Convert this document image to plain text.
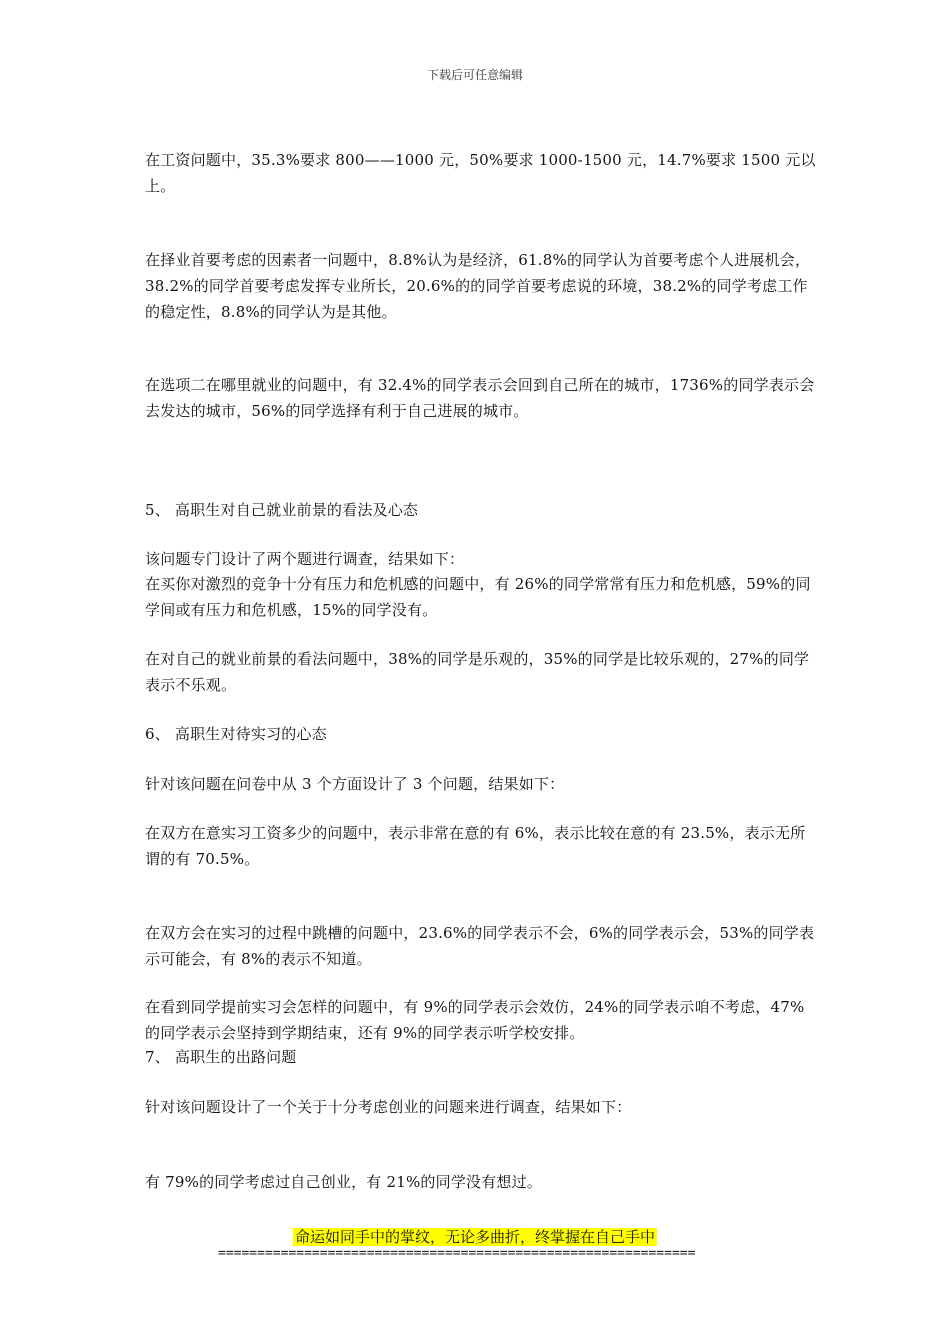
下载后可任意编辑

在工资问题中，35.3%要求 800——1000 元，50%要求 1000-1500 元，14.7%要求 1500 元以上。

在择业首要考虑的因素者一问题中，8.8%认为是经济，61.8%的同学认为首要考虑个人进展机会，38.2%的同学首要考虑发挥专业所长，20.6%的的同学首要考虑说的环境，38.2%的同学考虑工作的稳定性，8.8%的同学认为是其他。

在选项二在哪里就业的问题中，有 32.4%的同学表示会回到自己所在的城市，1736%的同学表示会去发达的城市，56%的同学选择有利于自己进展的城市。

5、 高职生对自己就业前景的看法及心态

该问题专门设计了两个题进行调查，结果如下：

在买你对激烈的竞争十分有压力和危机感的问题中，有 26%的同学常常有压力和危机感，59%的同学间或有压力和危机感，15%的同学没有。

在对自己的就业前景的看法问题中，38%的同学是乐观的，35%的同学是比较乐观的，27%的同学表示不乐观。

6、 高职生对待实习的心态

针对该问题在问卷中从 3 个方面设计了 3 个问题，结果如下：

在双方在意实习工资多少的问题中，表示非常在意的有 6%，表示比较在意的有 23.5%，表示无所谓的有 70.5%。

在双方会在实习的过程中跳槽的问题中，23.6%的同学表示不会，6%的同学表示会，53%的同学表示可能会，有 8%的表示不知道。

在看到同学提前实习会怎样的问题中，有 9%的同学表示会效仿，24%的同学表示咱不考虑，47%的同学表示会坚持到学期结束，还有 9%的同学表示听学校安排。

7、 高职生的出路问题

针对该问题设计了一个关于十分考虑创业的问题来进行调查，结果如下：

有 79%的同学考虑过自己创业，有 21%的同学没有想过。

命运如同手中的掌纹，无论多曲折，终掌握在自己手中
=============================================================
